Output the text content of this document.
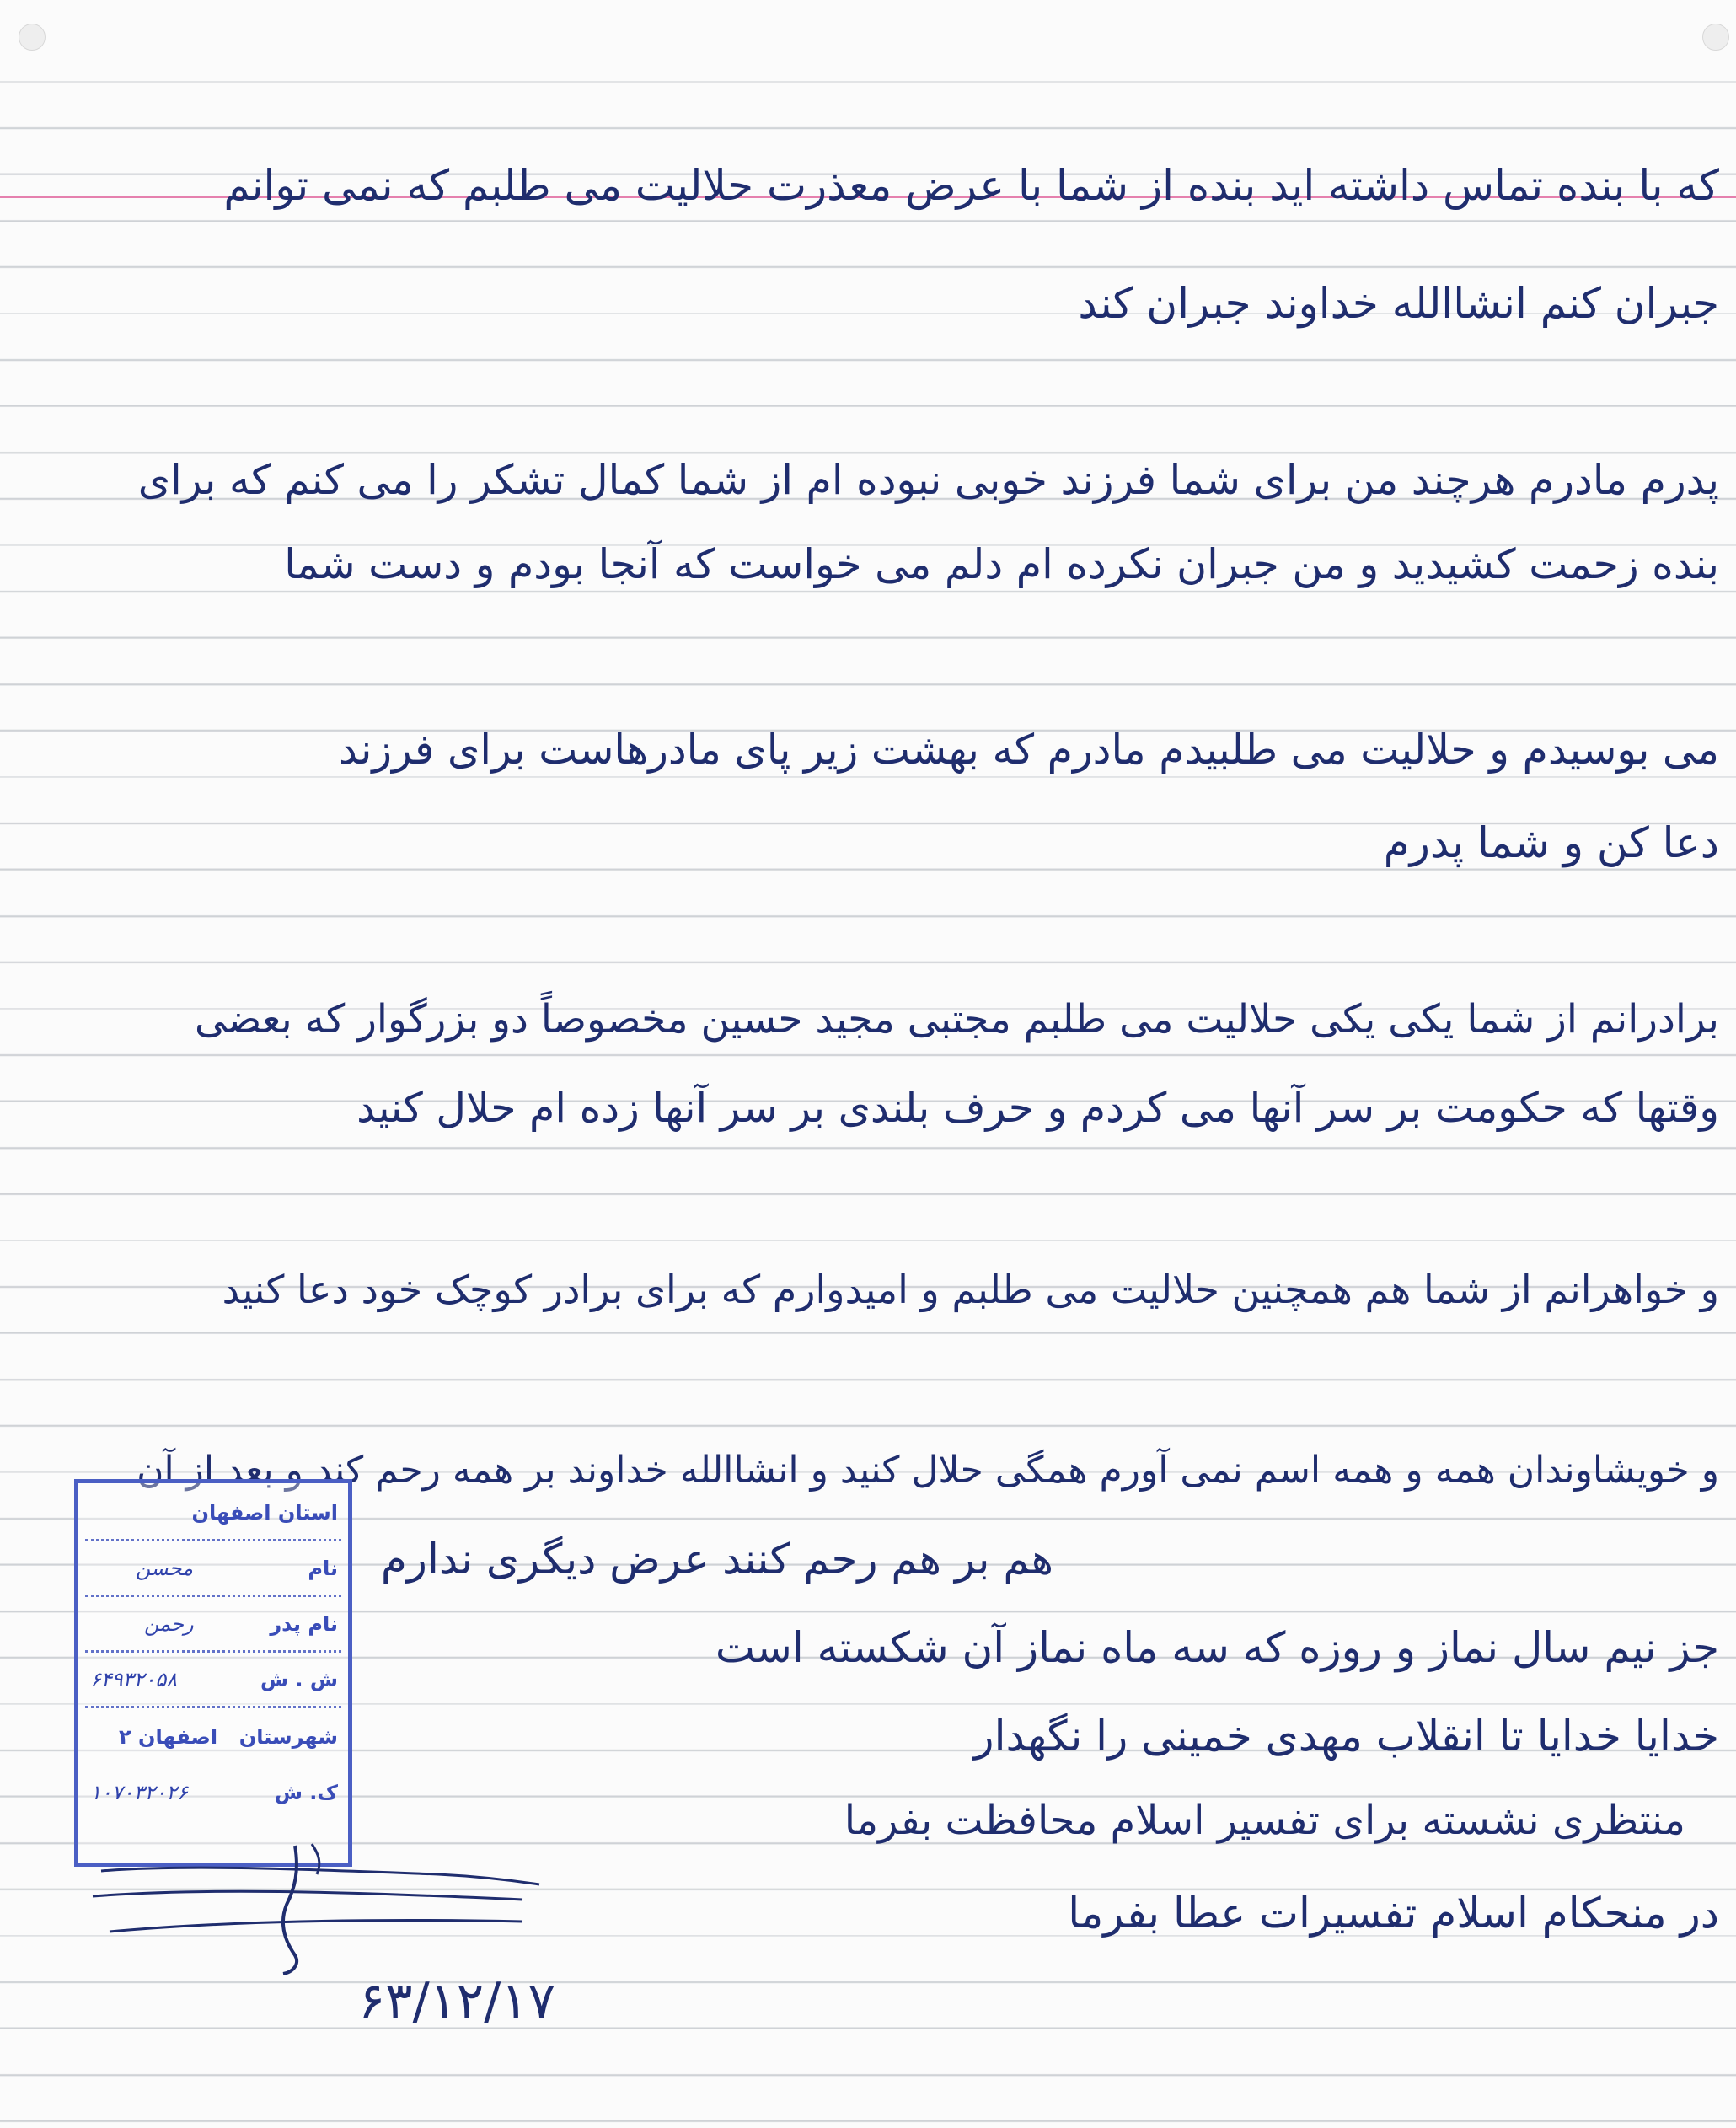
که با بنده تماس داشته اید بنده از شما با عرض معذرت حلالیت می طلبم که نمی توانم
جبران کنم انشاالله خداوند جبران کند
پدرم مادرم هرچند من برای شما فرزند خوبی نبوده ام از شما کمال تشکر را می کنم که برای
بنده زحمت کشیدید و من جبران نکرده ام دلم می خواست که آنجا بودم و دست شما
می بوسیدم و حلالیت می طلبیدم مادرم که بهشت زیر پای مادرهاست برای فرزند
دعا کن و شما پدرم
برادرانم از شما یکی یکی حلالیت می طلبم مجتبی مجید حسین مخصوصاً دو بزرگوار که بعضی
وقتها که حکومت بر سر آنها می کردم و حرف بلندی بر سر آنها زده ام حلال کنید
و خواهرانم از شما هم همچنین حلالیت می طلبم و امیدوارم که برای برادر کوچک خود دعا کنید
و خویشاوندان همه و همه اسم نمی آورم همگی حلال کنید و انشاالله خداوند بر همه رحم کند و بعد از آن
هم بر هم رحم کنند عرض دیگری ندارم
جز نیم سال نماز و روزه که سه ماه نماز آن شکسته است
خدایا خدایا تا انقلاب مهدی خمینی را نگهدار
منتظری نشسته برای تفسیر اسلام محافظت بفرما
در منحکام اسلام تفسیرات عطا بفرما
استان اصفهان
نام
محسن
نام پدر
رحمن
ش . ش
۶۴۹۳۲۰۵۸
شهرستان
اصفهان ۲
ک. ش
۱۰۷۰۳۲۰۲۶
۶۳/۱۲/۱۷
